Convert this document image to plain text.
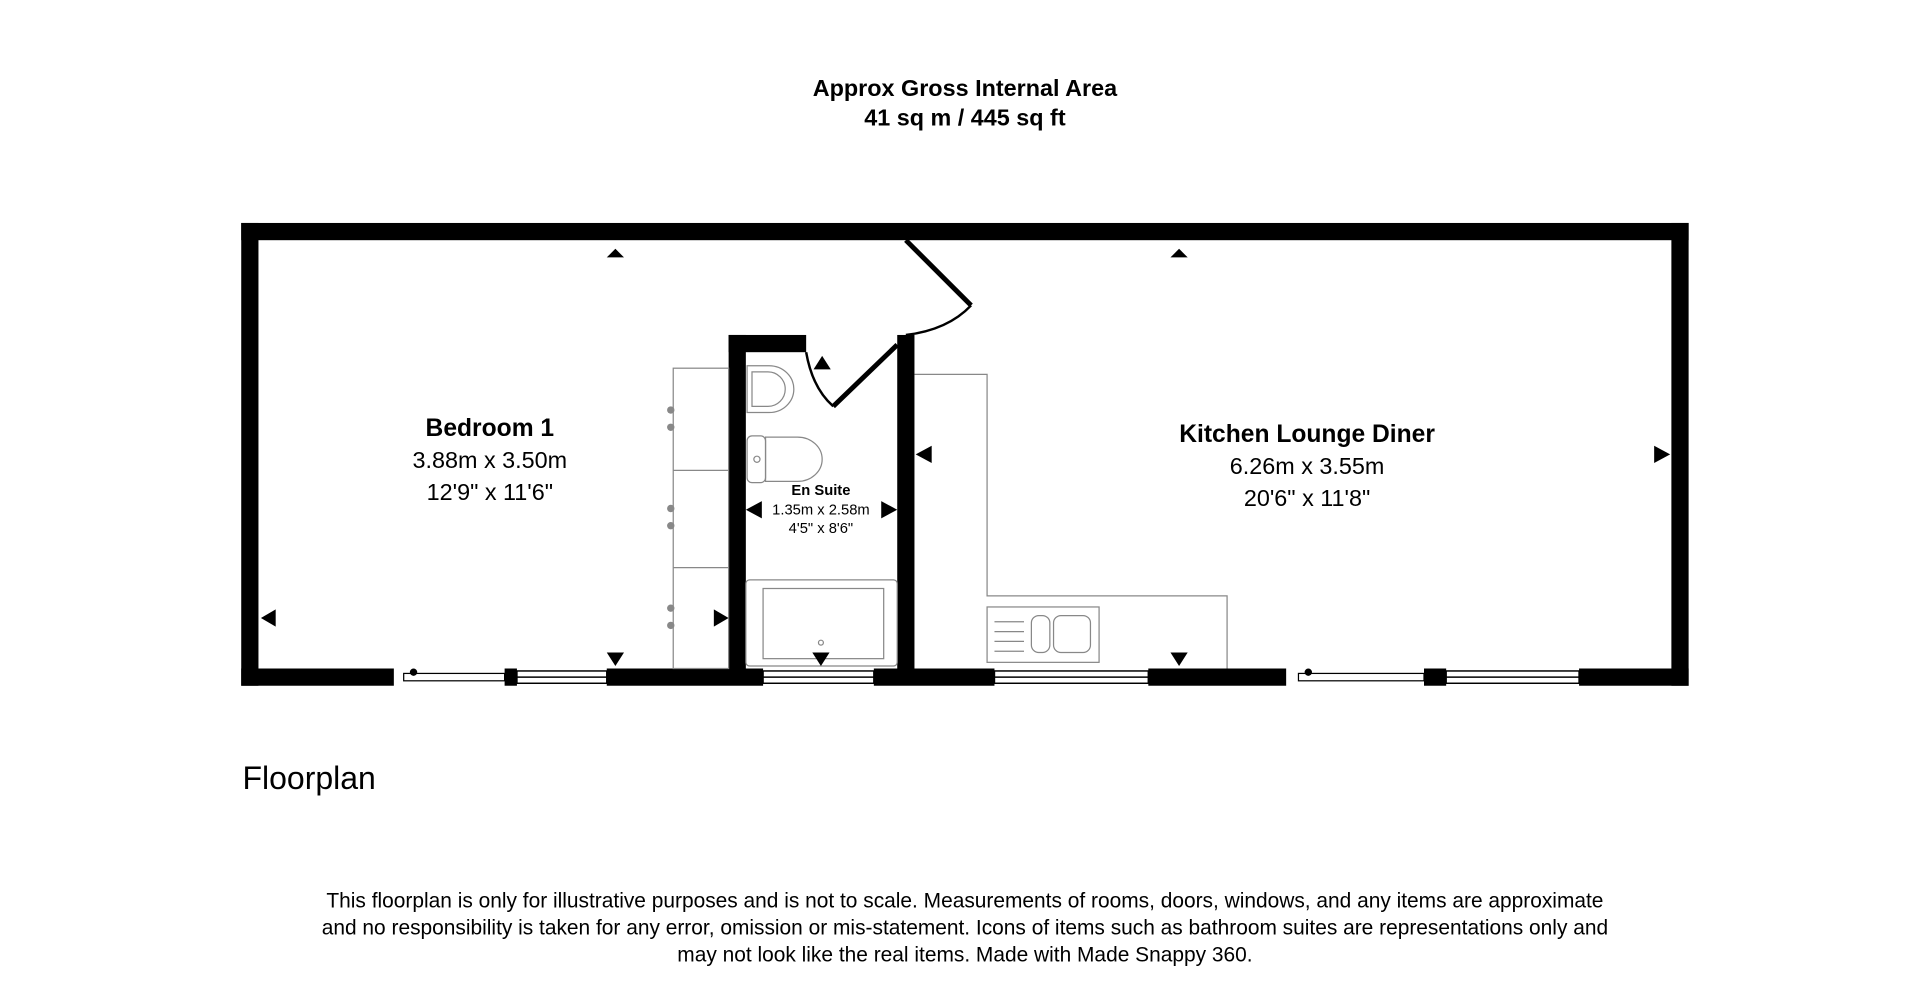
Approx Gross Internal Area
41 sq m / 445 sq ft
Bedroom 1
3.88m x 3.50m
12'9" x 11'6"
Kitchen Lounge Diner
6.26m x 3.55m
20'6" x 11'8"
En Suite
1.35m x 2.58m
4'5" x 8'6"
Floorplan
This floorplan is only for illustrative purposes and is not to scale. Measurements of rooms, doors, windows, and any items are approximate
and no responsibility is taken for any error, omission or mis-statement. Icons of items such as bathroom suites are representations only and
may not look like the real items. Made with Made Snappy 360.
